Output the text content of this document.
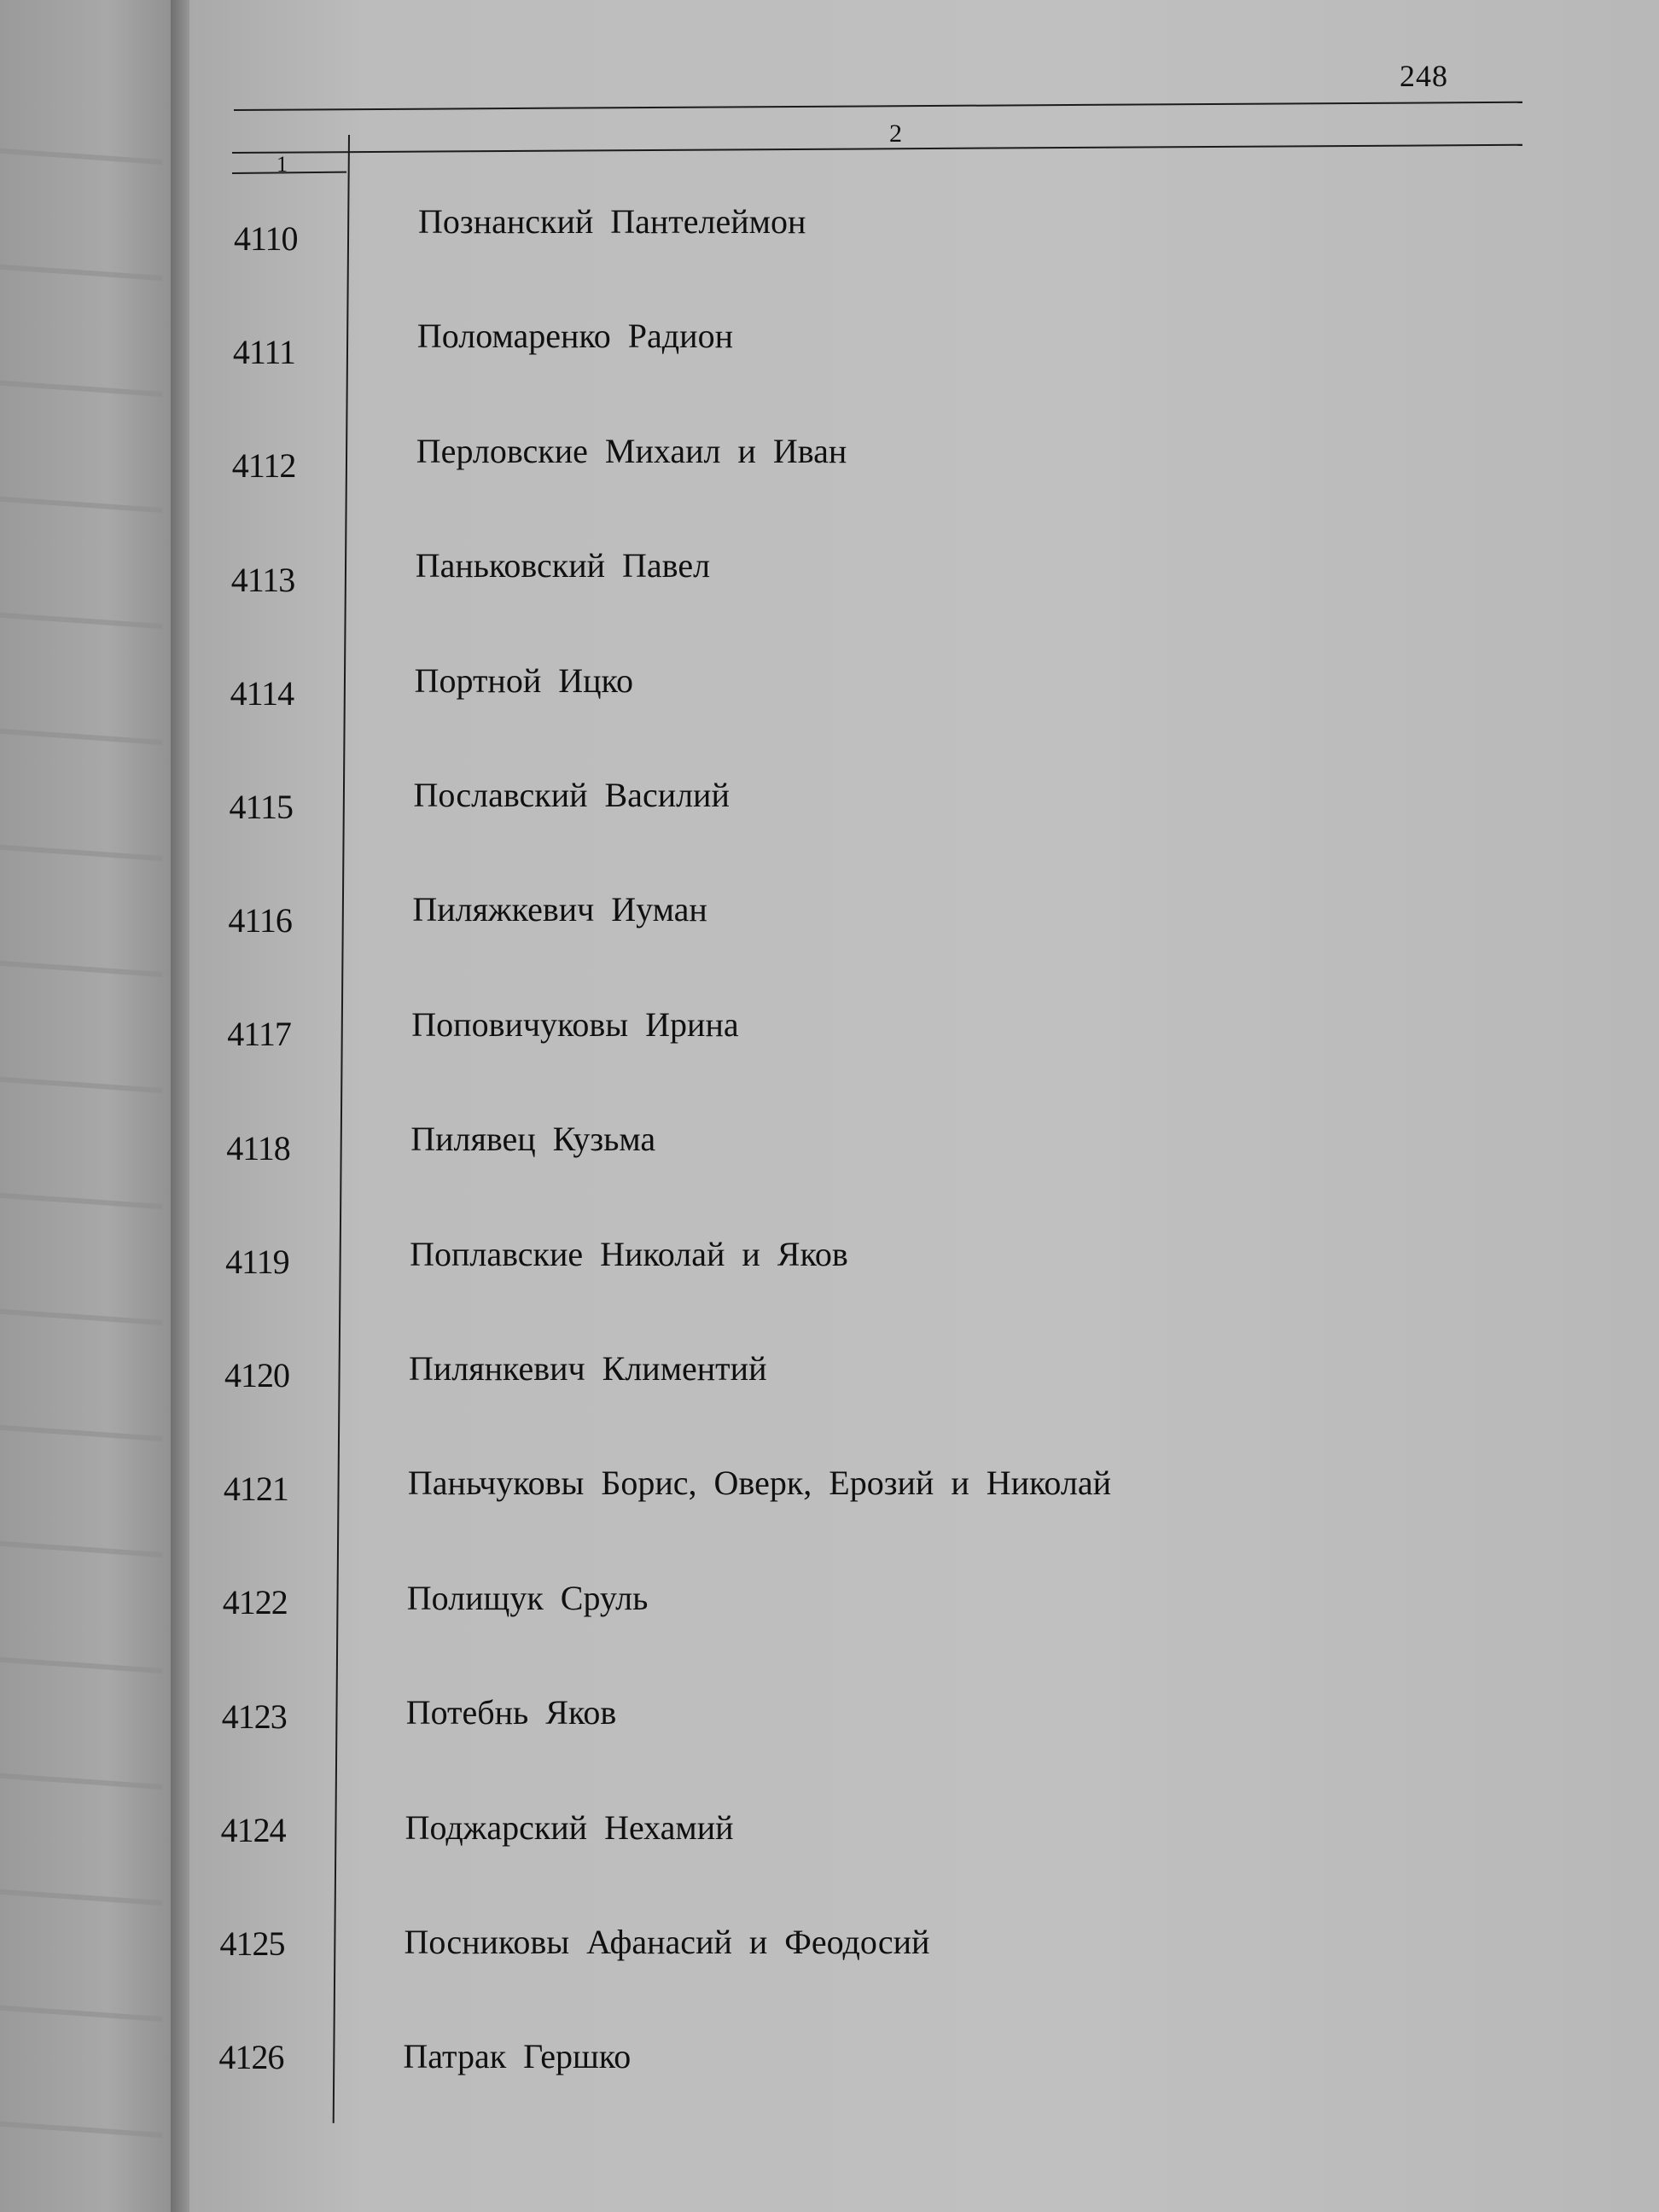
248
1
2
4110	Познанский Пантелеймон
4111	Поломаренко Радион
4112	Перловские Михаил и Иван
4113	Паньковский Павел
4114	Портной Ицко
4115	Пославский Василий
4116	Пиляжкевич Иуман
4117	Поповичуковы Ирина
4118	Пилявец Кузьма
4119	Поплавские Николай и Яков
4120	Пилянкевич Климентий
4121	Паньчуковы Борис, Оверк, Ерозий и Николай
4122	Полищук Сруль
4123	Потебнь Яков
4124	Поджарский Нехамий
4125	Посниковы Афанасий и Феодосий
4126	Патрак Гершко
